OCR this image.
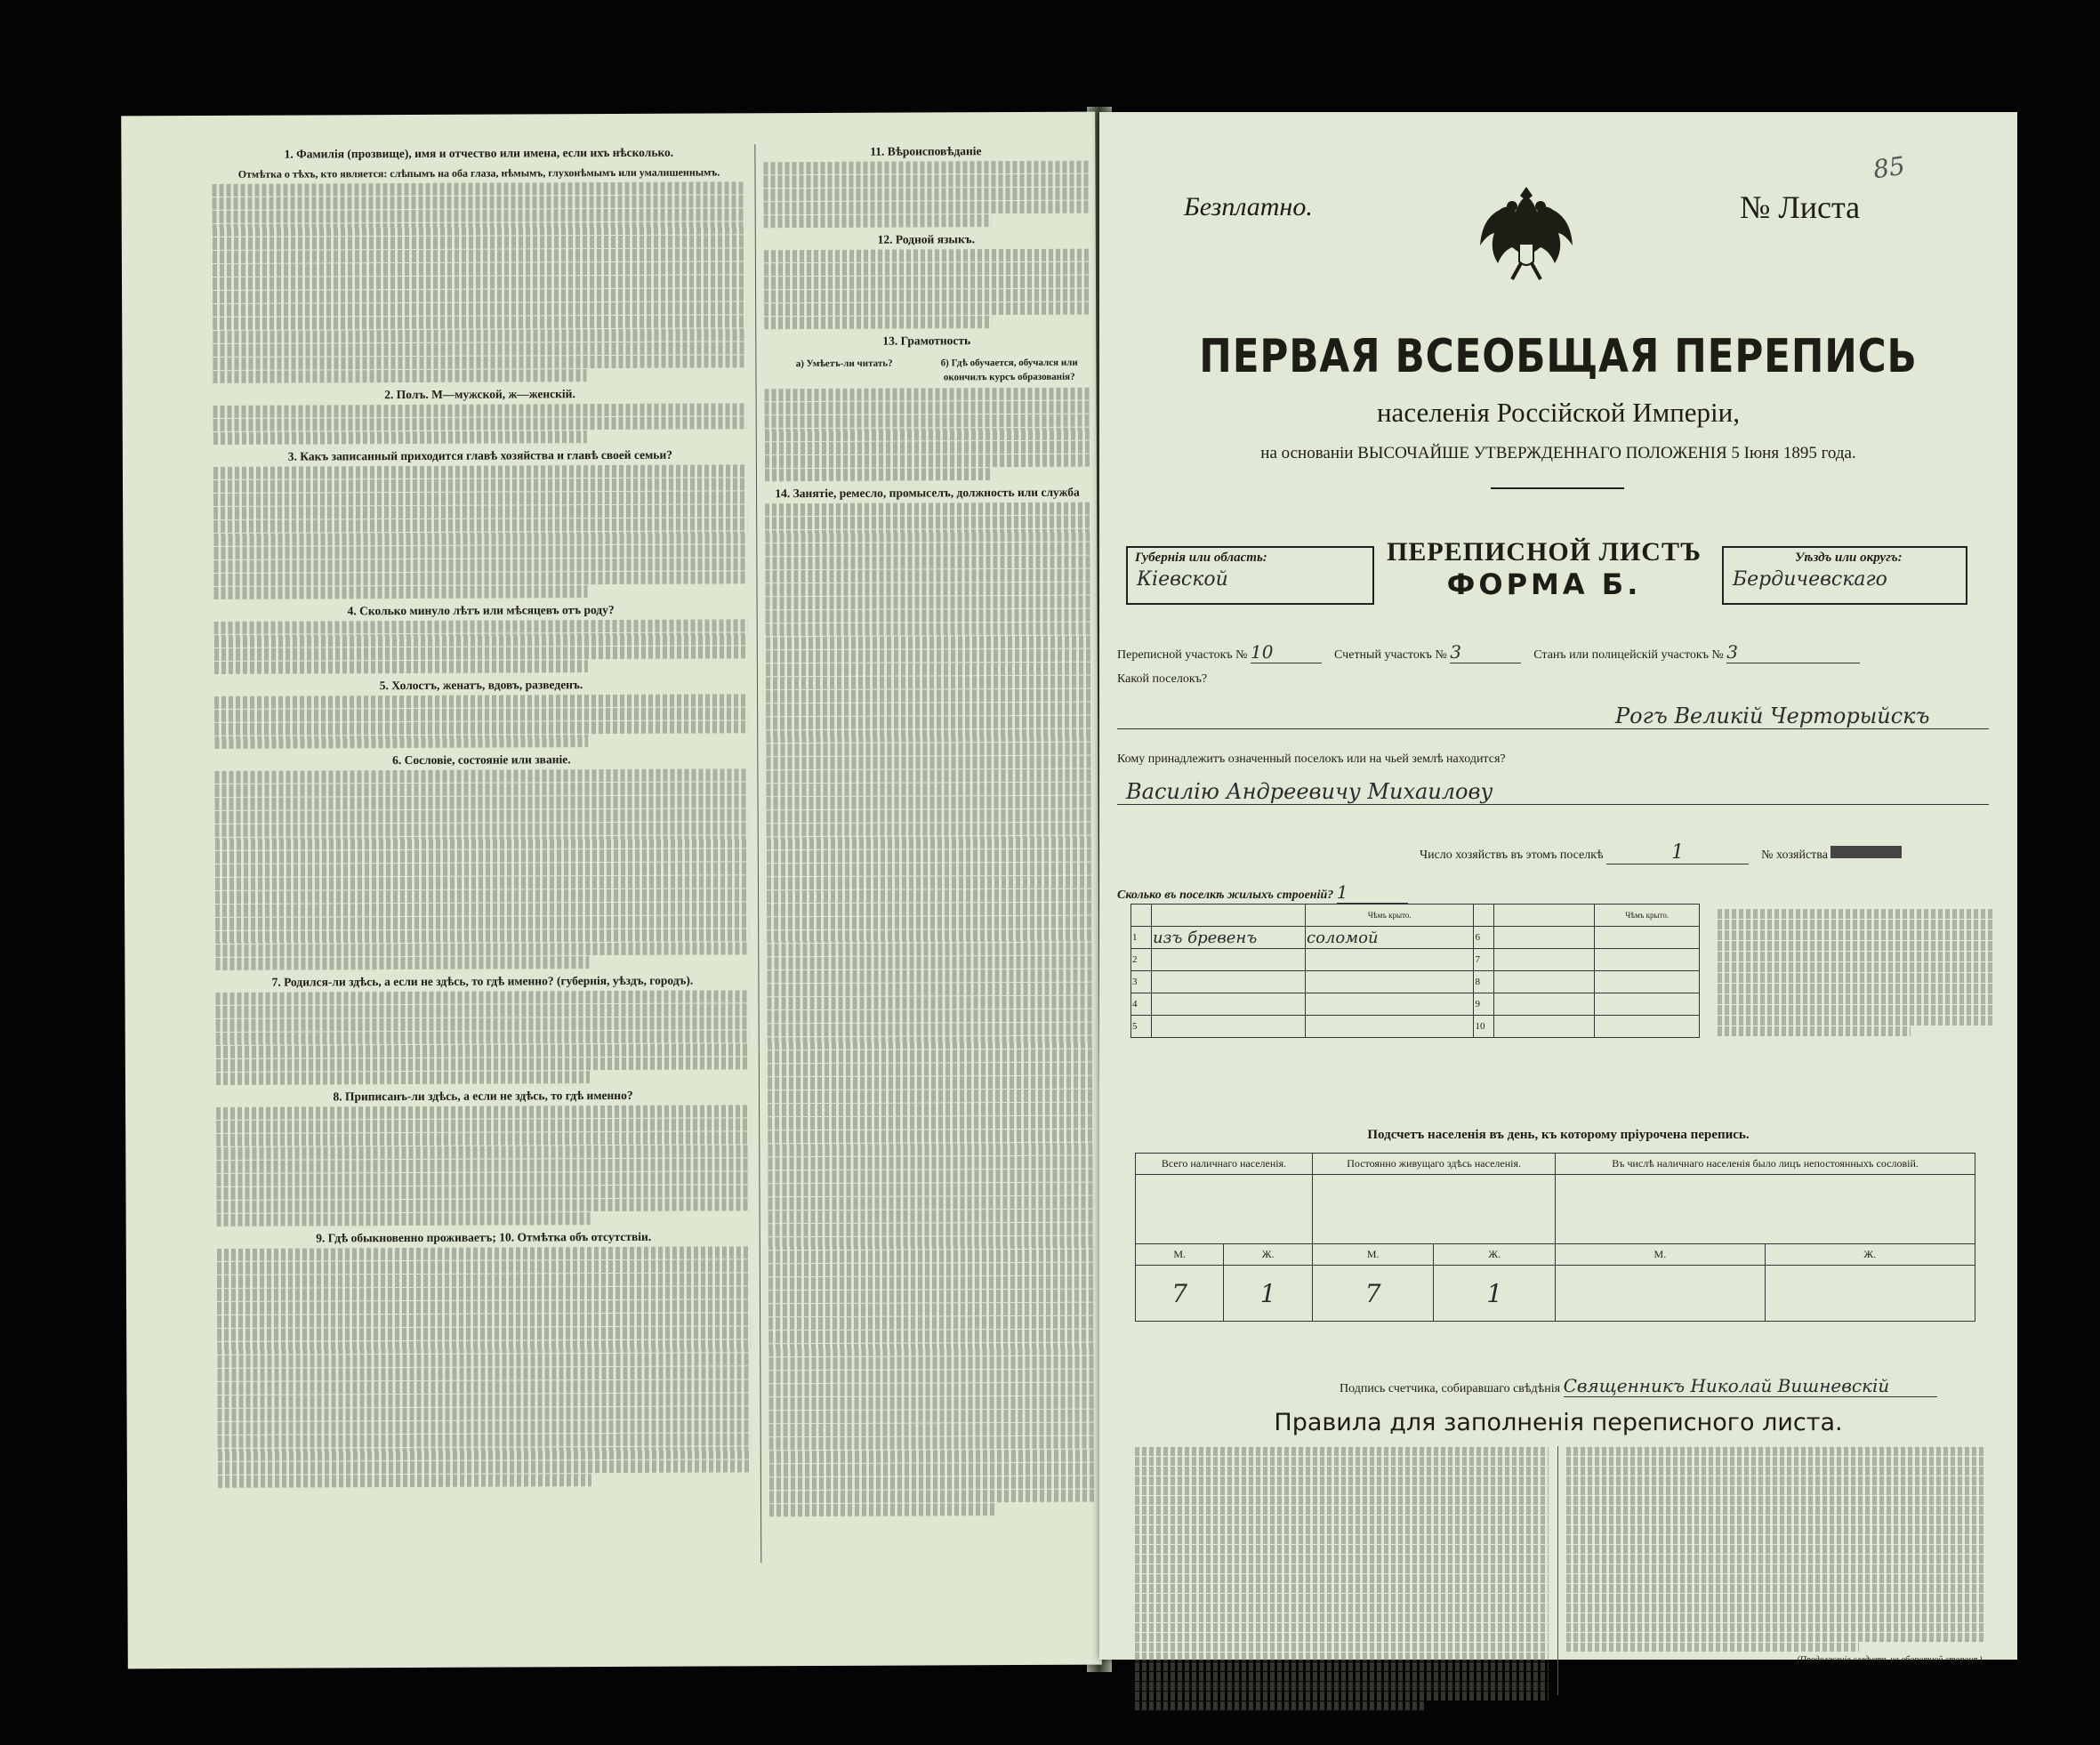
1. Фамилія (прозвище), имя и отчество или имена, если ихъ нѣсколько.
Отмѣтка о тѣхъ, кто является: слѣпымъ на оба глаза, нѣмымъ, глухонѣмымъ или умалишеннымъ.
2. Полъ. М—мужской, ж—женскій.
3. Какъ записанный приходится главѣ хозяйства и главѣ своей семьи?
4. Сколько минуло лѣтъ или мѣсяцевъ отъ роду?
5. Холостъ, женатъ, вдовъ, разведенъ.
6. Сословіе, состояніе или званіе.
7. Родился-ли здѣсь, а если не здѣсь, то гдѣ именно? (губернія, уѣздъ, городъ).
8. Приписанъ-ли здѣсь, а если не здѣсь, то гдѣ именно?
9. Гдѣ обыкновенно проживаетъ; 10. Отмѣтка объ отсутствіи.
11. Вѣроисповѣданіе
12. Родной языкъ.
13. Грамотность
а) Умѣетъ-ли читать?	б) Гдѣ обучается, обучался или окончилъ курсъ образованія?
14. Занятіе, ремесло, промыселъ, должность или служба
Безплатно.	№ Листа
85
ПЕРВАЯ ВСЕОБЩАЯ ПЕРЕПИСЬ
населенія Россійской Имперіи,
на основаніи ВЫСОЧАЙШЕ УТВЕРЖДЕННАГО ПОЛОЖЕНІЯ 5 Іюня 1895 года.
Губернія или область:
Кіевской
ПЕРЕПИСНОЙ ЛИСТЪ
ФОРМА Б.
Уѣздъ или округъ:
Бердичевскаго
Переписной участокъ № 10	Счетный участокъ № 3	Станъ или полицейскій участокъ № 3
Какой поселокъ?
Рогъ Великій Черторыйскъ
Кому принадлежитъ означенный поселокъ или на чьей землѣ находится?
Василію Андреевичу Михаилову
Число хозяйствъ въ этомъ поселкѣ	1	№ хозяйства
Сколько въ поселкѣ жилыхъ строеній? 1
		Чѣмъ крыто.			Чѣмъ крыто.
1	изъ бревенъ	соломой	6		
2			7		
3			8		
4			9		
5			10		
Подсчетъ населенія въ день, къ которому пріурочена перепись.
Всего наличнаго населенія.		Постоянно живущаго здѣсь населенія.		Въ числѣ наличнаго населенія было лицъ непостоянныхъ сословій.	

М.	Ж.	М.	Ж.	М.	Ж.
7	1	7	1		
Подпись счетчика, собиравшаго свѣдѣнія Священникъ Николай Вишневскій
Правила для заполненія переписного листа.
(Продолженіе следуетъ на оборотной сторонѣ).
